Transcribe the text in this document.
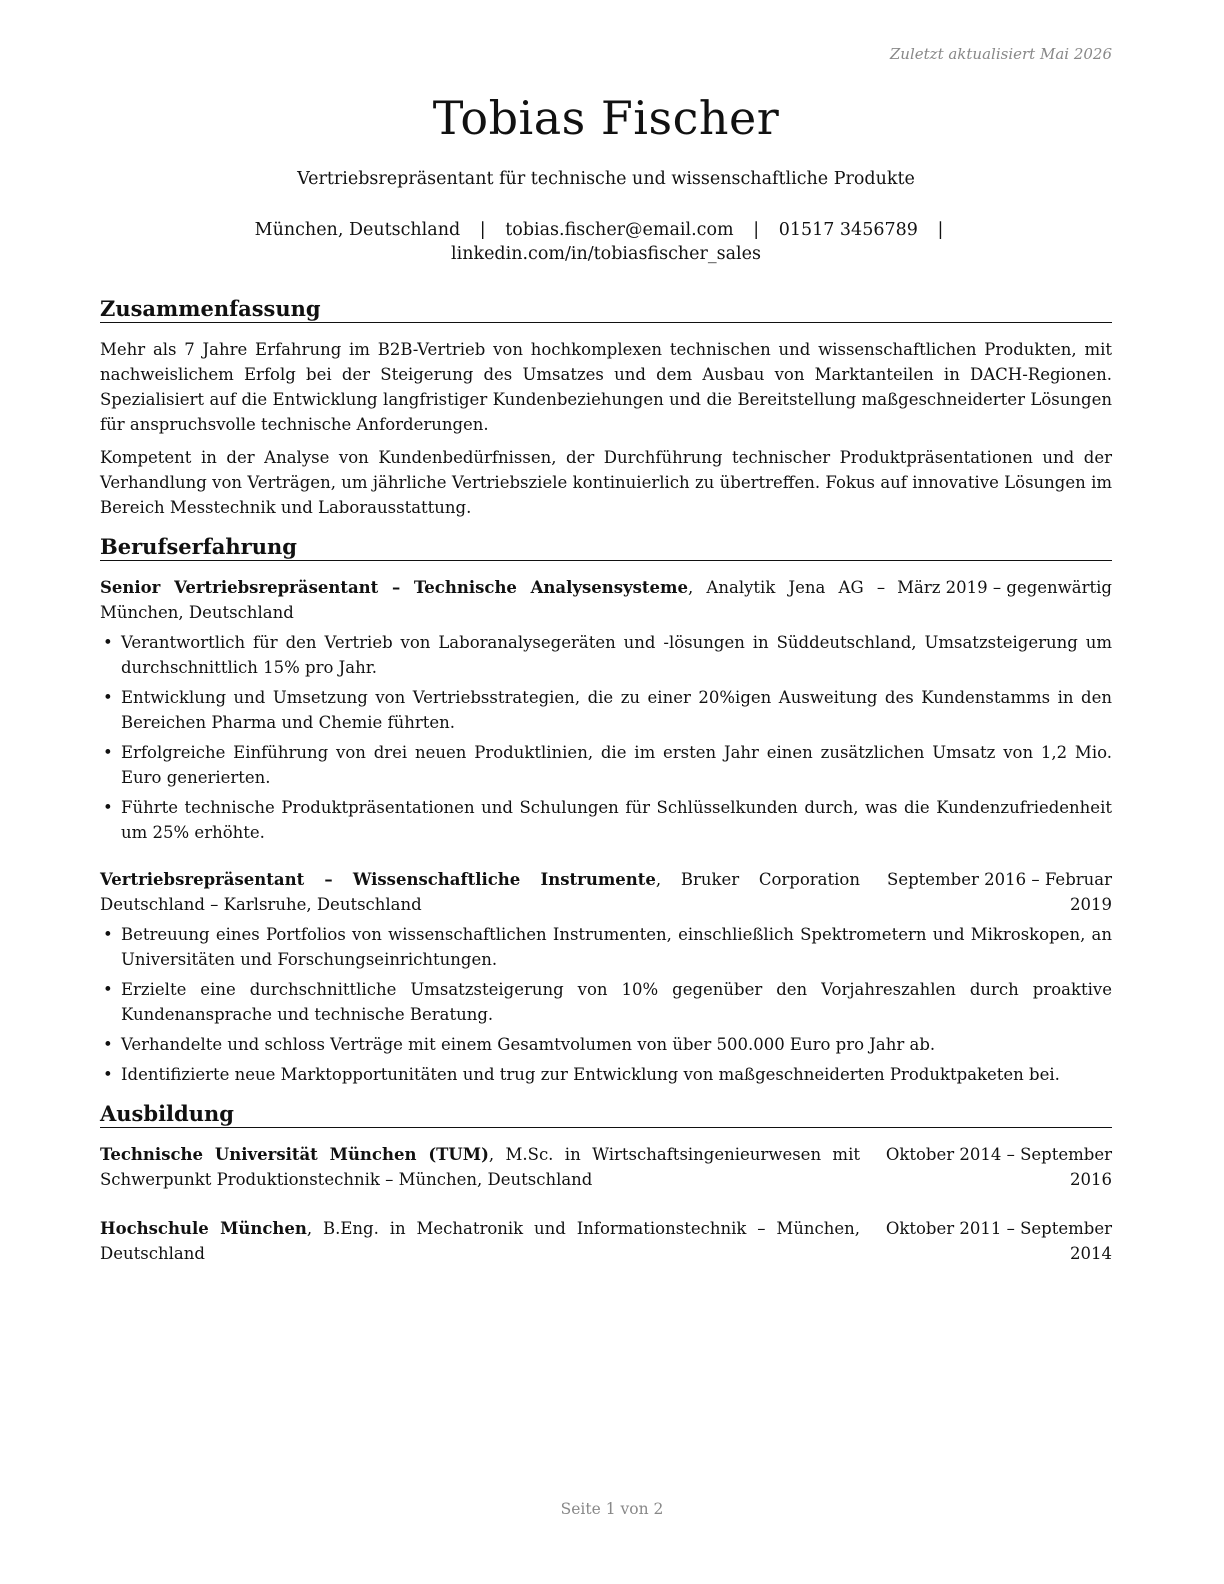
Zuletzt aktualisiert Mai 2026
Tobias Fischer
Vertriebsrepräsentant für technische und wissenschaftliche Produkte
München, Deutschland | tobias.fischer@email.com | 01517 3456789 | linkedin.com/in/tobiasfischer_sales
Zusammenfassung

Mehr als 7 Jahre Erfahrung im B2B-Vertrieb von hochkomplexen technischen und wissenschaftlichen Produkten, mit nachweislichem Erfolg bei der Steigerung des Umsatzes und dem Ausbau von Marktanteilen in DACH-Regionen. Spezialisiert auf die Entwicklung langfristiger Kundenbeziehungen und die Bereitstellung maßgeschneiderter Lösungen für anspruchsvolle technische Anforderungen.

Kompetent in der Analyse von Kundenbedürfnissen, der Durchführung technischer Produktpräsentationen und der Verhandlung von Verträgen, um jährliche Vertriebsziele kontinuierlich zu übertreffen. Fokus auf innovative Lösungen im Bereich Messtechnik und Laborausstattung.

Berufserfahrung
Senior Vertriebsrepräsentant – Technische Analysensysteme, Analytik Jena AG – München, Deutschland
März 2019 – gegenwärtig
• Verantwortlich für den Vertrieb von Laboranalysegeräten und -lösungen in Süddeutschland, Umsatzsteigerung um durchschnittlich 15% pro Jahr.
• Entwicklung und Umsetzung von Vertriebsstrategien, die zu einer 20%igen Ausweitung des Kundenstamms in den Bereichen Pharma und Chemie führten.
• Erfolgreiche Einführung von drei neuen Produktlinien, die im ersten Jahr einen zusätzlichen Umsatz von 1,2 Mio. Euro generierten.
• Führte technische Produktpräsentationen und Schulungen für Schlüsselkunden durch, was die Kundenzufriedenheit um 25% erhöhte.
Vertriebsrepräsentant – Wissenschaftliche Instrumente, Bruker Corporation Deutschland – Karlsruhe, Deutschland
September 2016 – Februar 2019
• Betreuung eines Portfolios von wissenschaftlichen Instrumenten, einschließlich Spektrometern und Mikroskopen, an Universitäten und Forschungseinrichtungen.
• Erzielte eine durchschnittliche Umsatzsteigerung von 10% gegenüber den Vorjahreszahlen durch proaktive Kundenansprache und technische Beratung.
• Verhandelte und schloss Verträge mit einem Gesamtvolumen von über 500.000 Euro pro Jahr ab.
• Identifizierte neue Marktopportunitäten und trug zur Entwicklung von maßgeschneiderten Produktpaketen bei.
Ausbildung
Technische Universität München (TUM), M.Sc. in Wirtschaftsingenieurwesen mit Schwerpunkt Produktionstechnik – München, Deutschland
Oktober 2014 – September 2016
Hochschule München, B.Eng. in Mechatronik und Informationstechnik – München, Deutschland
Oktober 2011 – September 2014
Seite 1 von 2
